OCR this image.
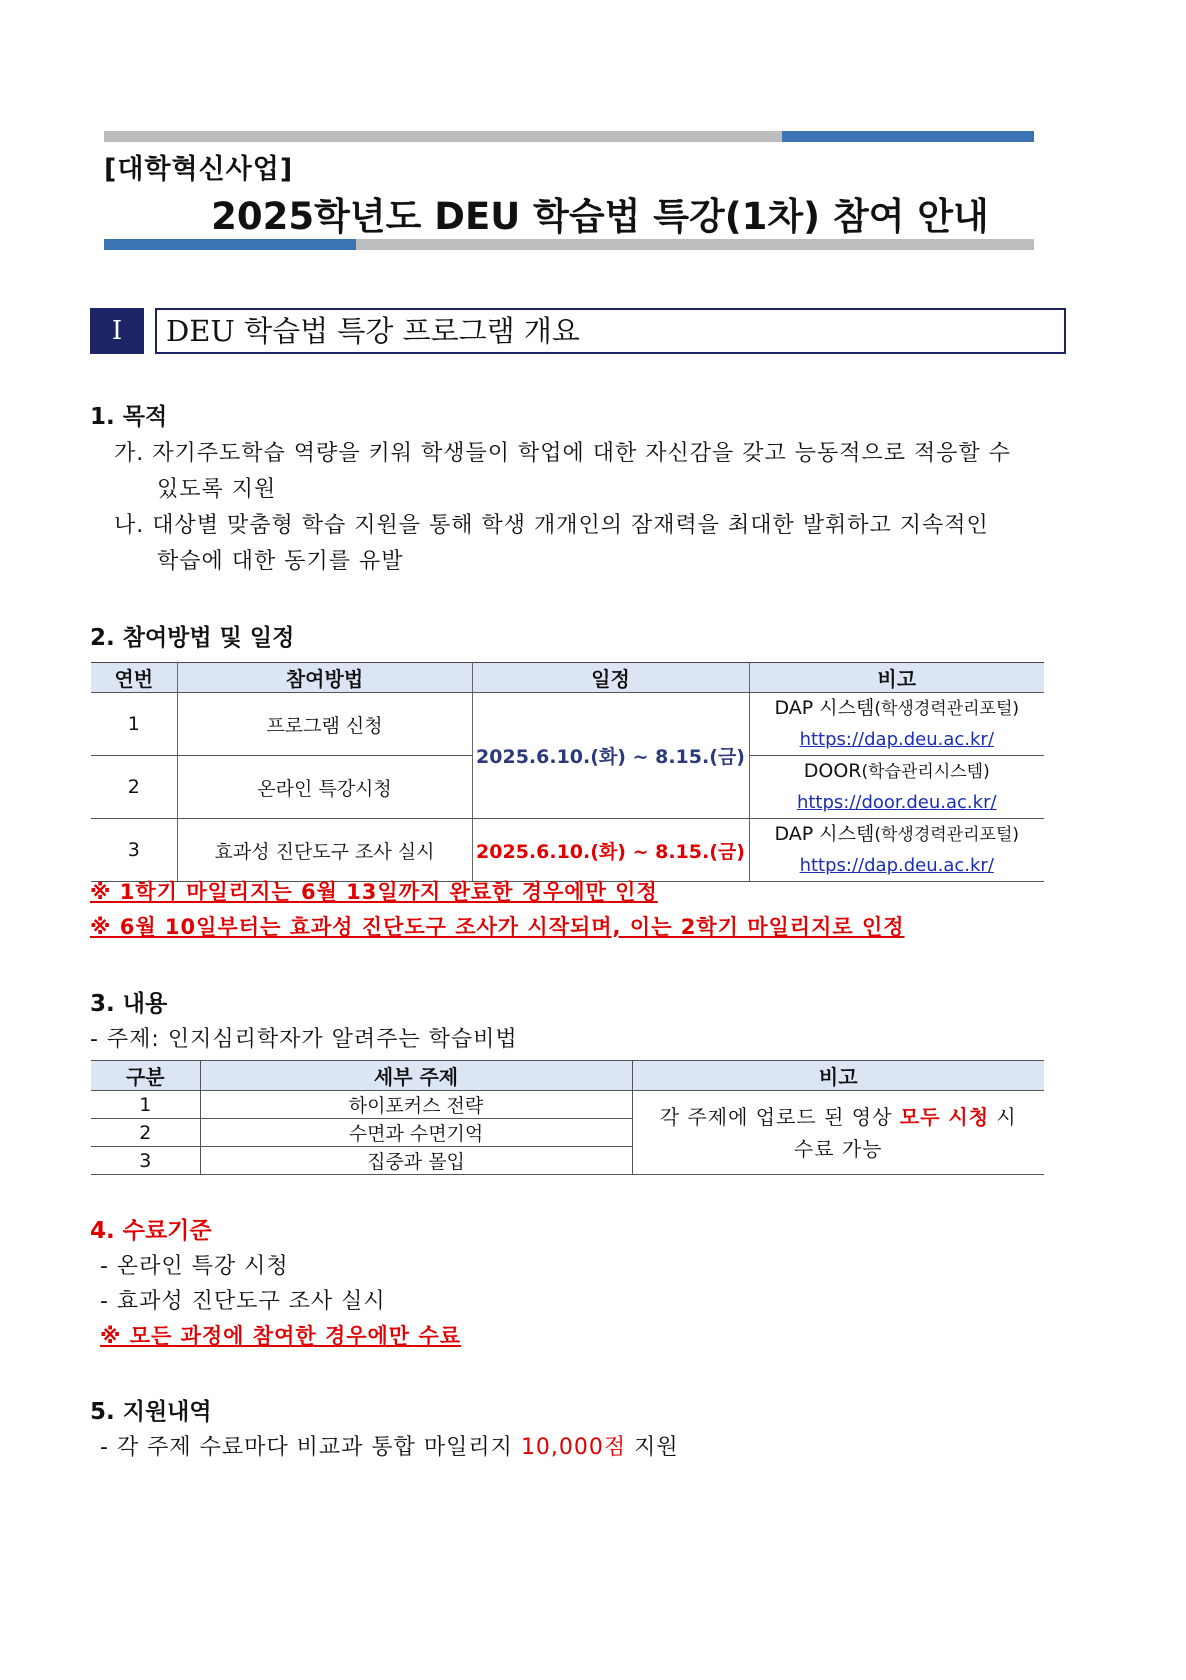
[대학혁신사업]
2025학년도 DEU 학습법 특강(1차) 참여 안내
Ⅰ	DEU 학습법 특강 프로그램 개요
1. 목적
가. 자기주도학습 역량을 키워 학생들이 학업에 대한 자신감을 갖고 능동적으로 적응할 수
있도록 지원
나. 대상별 맞춤형 학습 지원을 통해 학생 개개인의 잠재력을 최대한 발휘하고 지속적인
학습에 대한 동기를 유발
2. 참여방법 및 일정
연번	참여방법	일정	비고
1	프로그램 신청	2025.6.10.(화) ~ 8.15.(금)	DAP 시스템(학생경력관리포털)
https://dap.deu.ac.kr/
2	온라인 특강시청		DOOR(학습관리시스템)
https://door.deu.ac.kr/
3	효과성 진단도구 조사 실시	2025.6.10.(화) ~ 8.15.(금)	DAP 시스템(학생경력관리포털)
https://dap.deu.ac.kr/
※ 1학기 마일리지는 6월 13일까지 완료한 경우에만 인정
※ 6월 10일부터는 효과성 진단도구 조사가 시작되며, 이는 2학기 마일리지로 인정
3. 내용
- 주제: 인지심리학자가 알려주는 학습비법
구분	세부 주제	비고
1	하이포커스 전략	각 주제에 업로드 된 영상 모두 시청 시
수료 가능
2	수면과 수면기억	
3	집중과 몰입	
4. 수료기준
- 온라인 특강 시청
- 효과성 진단도구 조사 실시
※ 모든 과정에 참여한 경우에만 수료
5. 지원내역
- 각 주제 수료마다 비교과 통합 마일리지 10,000점 지원
